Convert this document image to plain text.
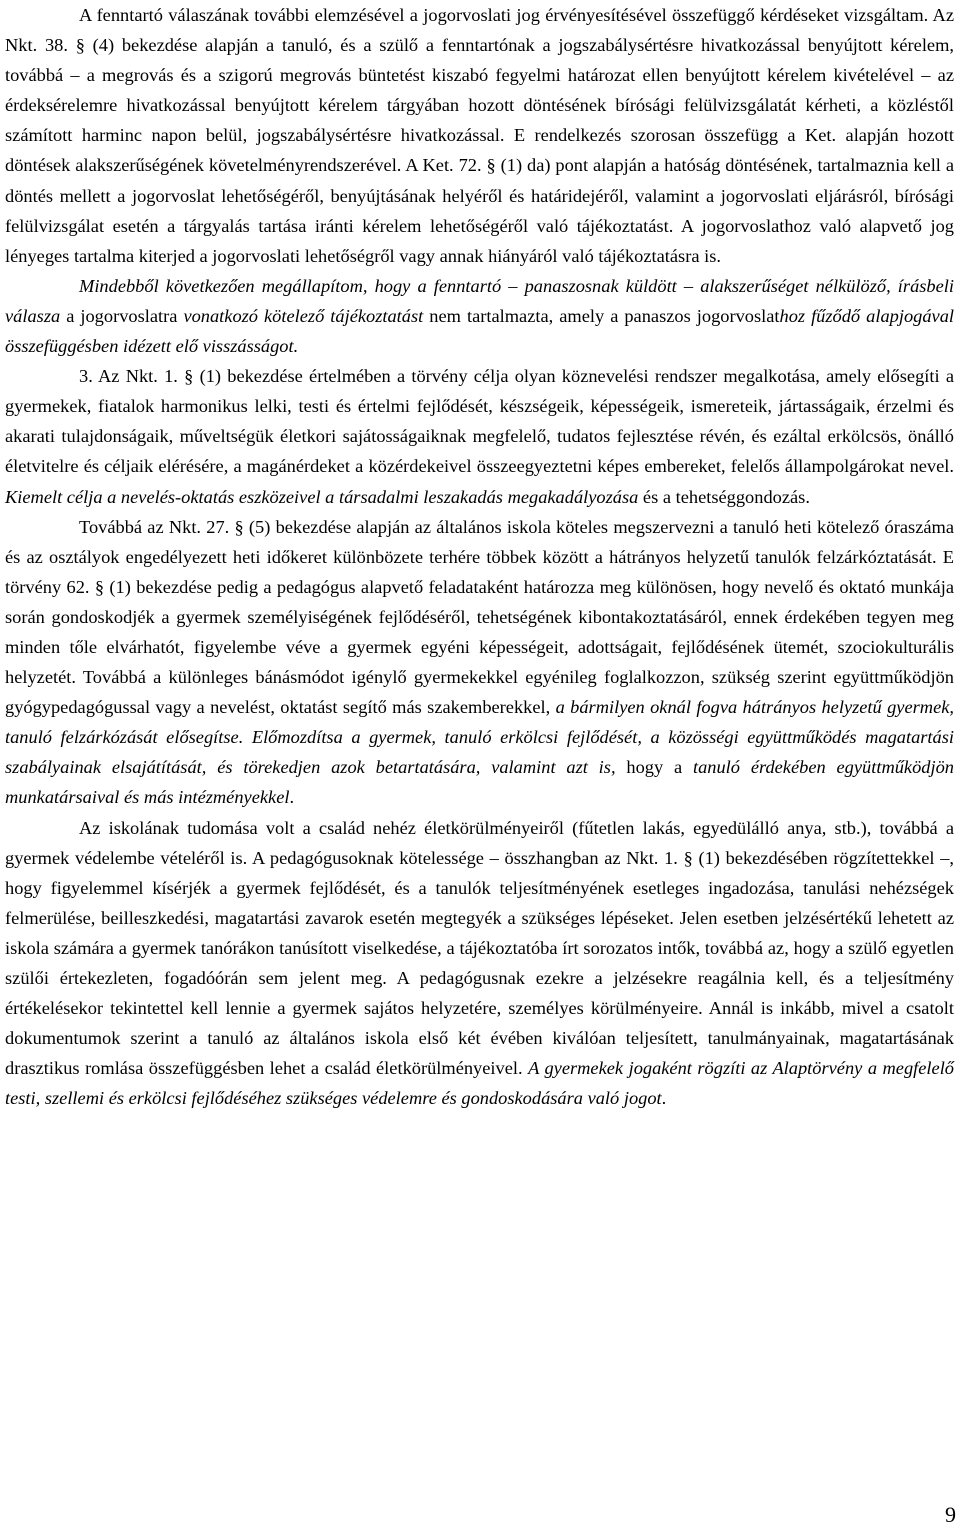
A fenntartó válaszának további elemzésével a jogorvoslati jog érvényesítésével összefüggő kérdéseket vizsgáltam. Az Nkt. 38. § (4) bekezdése alapján a tanuló, és a szülő a fenntartónak a jogszabálysértésre hivatkozással benyújtott kérelem, továbbá – a megrovás és a szigorú megrovás büntetést kiszabó fegyelmi határozat ellen benyújtott kérelem kivételével – az érdeksérelemre hivatkozással benyújtott kérelem tárgyában hozott döntésének bírósági felülvizsgálatát kérheti, a közléstől számított harminc napon belül, jogszabálysértésre hivatkozással. E rendelkezés szorosan összefügg a Ket. alapján hozott döntések alakszerűségének követelményrendszerével. A Ket. 72. § (1) da) pont alapján a hatóság döntésének, tartalmaznia kell a döntés mellett a jogorvoslat lehetőségéről, benyújtásának helyéről és határidejéről, valamint a jogorvoslati eljárásról, bírósági felülvizsgálat esetén a tárgyalás tartása iránti kérelem lehetőségéről való tájékoztatást. A jogorvoslathoz való alapvető jog lényeges tartalma kiterjed a jogorvoslati lehetőségről vagy annak hiányáról való tájékoztatásra is.

Mindebből következően megállapítom, hogy a fenntartó – panaszosnak küldött – alakszerűséget nélkülöző, írásbeli válasza a jogorvoslatra vonatkozó kötelező tájékoztatást nem tartalmazta, amely a panaszos jogorvoslathoz fűződő alapjogával összefüggésben idézett elő visszásságot.

3. Az Nkt. 1. § (1) bekezdése értelmében a törvény célja olyan köznevelési rendszer megalkotása, amely elősegíti a gyermekek, fiatalok harmonikus lelki, testi és értelmi fejlődését, készségeik, képességeik, ismereteik, jártasságaik, érzelmi és akarati tulajdonságaik, műveltségük életkori sajátosságaiknak megfelelő, tudatos fejlesztése révén, és ezáltal erkölcsös, önálló életvitelre és céljaik elérésére, a magánérdeket a közérdekeivel összeegyeztetni képes embereket, felelős állampolgárokat nevel. Kiemelt célja a nevelés-oktatás eszközeivel a társadalmi leszakadás megakadályozása és a tehetséggondozás.

Továbbá az Nkt. 27. § (5) bekezdése alapján az általános iskola köteles megszervezni a tanuló heti kötelező óraszáma és az osztályok engedélyezett heti időkeret különbözete terhére többek között a hátrányos helyzetű tanulók felzárkóztatását. E törvény 62. § (1) bekezdése pedig a pedagógus alapvető feladataként határozza meg különösen, hogy nevelő és oktató munkája során gondoskodjék a gyermek személyiségének fejlődéséről, tehetségének kibontakoztatásáról, ennek érdekében tegyen meg minden tőle elvárhatót, figyelembe véve a gyermek egyéni képességeit, adottságait, fejlődésének ütemét, szociokulturális helyzetét. Továbbá a különleges bánásmódot igénylő gyermekekkel egyénileg foglalkozzon, szükség szerint együttműködjön gyógypedagógussal vagy a nevelést, oktatást segítő más szakemberekkel, a bármilyen oknál fogva hátrányos helyzetű gyermek, tanuló felzárkózását elősegítse. Előmozdítsa a gyermek, tanuló erkölcsi fejlődését, a közösségi együttműködés magatartási szabályainak elsajátítását, és törekedjen azok betartatására, valamint azt is, hogy a tanuló érdekében együttműködjön munkatársaival és más intézményekkel.

Az iskolának tudomása volt a család nehéz életkörülményeiről (fűtetlen lakás, egyedülálló anya, stb.), továbbá a gyermek védelembe vételéről is. A pedagógusoknak kötelessége – összhangban az Nkt. 1. § (1) bekezdésében rögzítettekkel –, hogy figyelemmel kísérjék a gyermek fejlődését, és a tanulók teljesítményének esetleges ingadozása, tanulási nehézségek felmerülése, beilleszkedési, magatartási zavarok esetén megtegyék a szükséges lépéseket. Jelen esetben jelzésértékű lehetett az iskola számára a gyermek tanórákon tanúsított viselkedése, a tájékoztatóba írt sorozatos intők, továbbá az, hogy a szülő egyetlen szülői értekezleten, fogadóórán sem jelent meg. A pedagógusnak ezekre a jelzésekre reagálnia kell, és a teljesítmény értékelésekor tekintettel kell lennie a gyermek sajátos helyzetére, személyes körülményeire. Annál is inkább, mivel a csatolt dokumentumok szerint a tanuló az általános iskola első két évében kiválóan teljesített, tanulmányainak, magatartásának drasztikus romlása összefüggésben lehet a család életkörülményeivel. A gyermekek jogaként rögzíti az Alaptörvény a megfelelő testi, szellemi és erkölcsi fejlődéséhez szükséges védelemre és gondoskodására való jogot.

9
